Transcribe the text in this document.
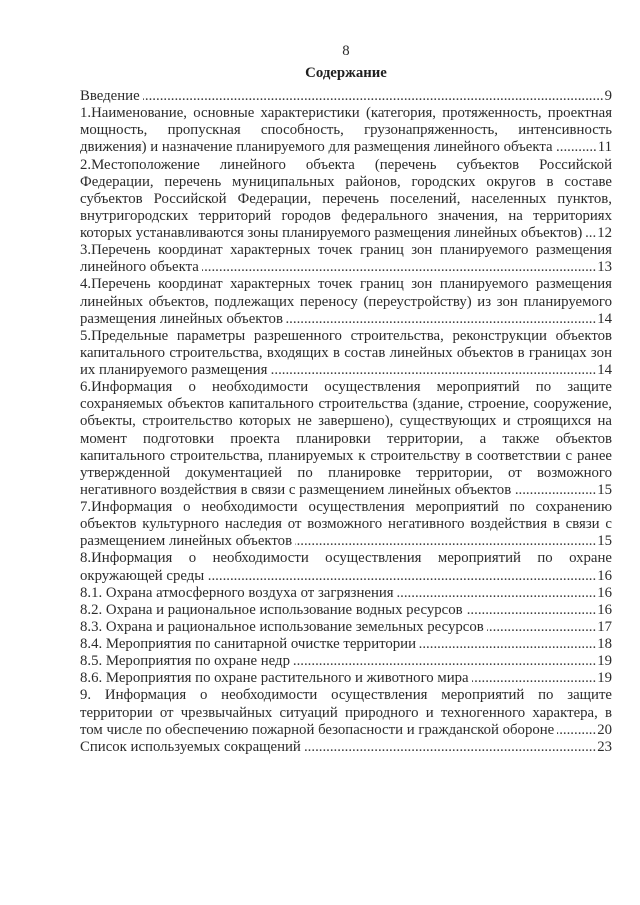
8
Содержание
Введение .....	9
1.Наименование, основные характеристики (категория, протяженность, проектная
мощность, пропускная способность, грузонапряженность, интенсивность
движения) и назначение планируемого для размещения линейного объекта .....	11
2.Местоположение линейного объекта (перечень субъектов Российской
Федерации, перечень муниципальных районов, городских округов в составе
субъектов Российской Федерации, перечень поселений, населенных пунктов,
внутригородских территорий городов федерального значения, на территориях
которых устанавливаются зоны планируемого размещения линейных объектов) ..... 12
3.Перечень координат характерных точек границ зон планируемого размещения
линейного объекта .....	13
4.Перечень координат характерных точек границ зон планируемого размещения
линейных объектов, подлежащих переносу (переустройству) из зон планируемого
размещения линейных объектов .....	14
5.Предельные параметры разрешенного строительства, реконструкции объектов
капитального строительства, входящих в состав линейных объектов в границах зон
их планируемого размещения .....	14
6.Информация о необходимости осуществления мероприятий по защите
сохраняемых объектов капитального строительства (здание, строение, сооружение,
объекты, строительство которых не завершено), существующих и строящихся на
момент подготовки проекта планировки территории, а также объектов
капитального строительства, планируемых к строительству в соответствии с ранее
утвержденной документацией по планировке территории, от возможного
негативного воздействия в связи с размещением линейных объектов .....	15
7.Информация о необходимости осуществления мероприятий по сохранению
объектов культурного наследия от возможного негативного воздействия в связи с
размещением линейных объектов .....	15
8.Информация о необходимости осуществления мероприятий по охране
окружающей среды .....	16
8.1. Охрана атмосферного воздуха от загрязнения .....	16
8.2. Охрана и рациональное использование водных ресурсов .....	16
8.3. Охрана и рациональное использование земельных ресурсов .....	17
8.4. Мероприятия по санитарной очистке территории .....	18
8.5. Мероприятия по охране недр .....	19
8.6. Мероприятия по охране растительного и животного мира .....	19
9. Информация о необходимости осуществления мероприятий по защите
территории от чрезвычайных ситуаций природного и техногенного характера, в
том числе по обеспечению пожарной безопасности и гражданской обороне .....	20
Список используемых сокращений .....	23
